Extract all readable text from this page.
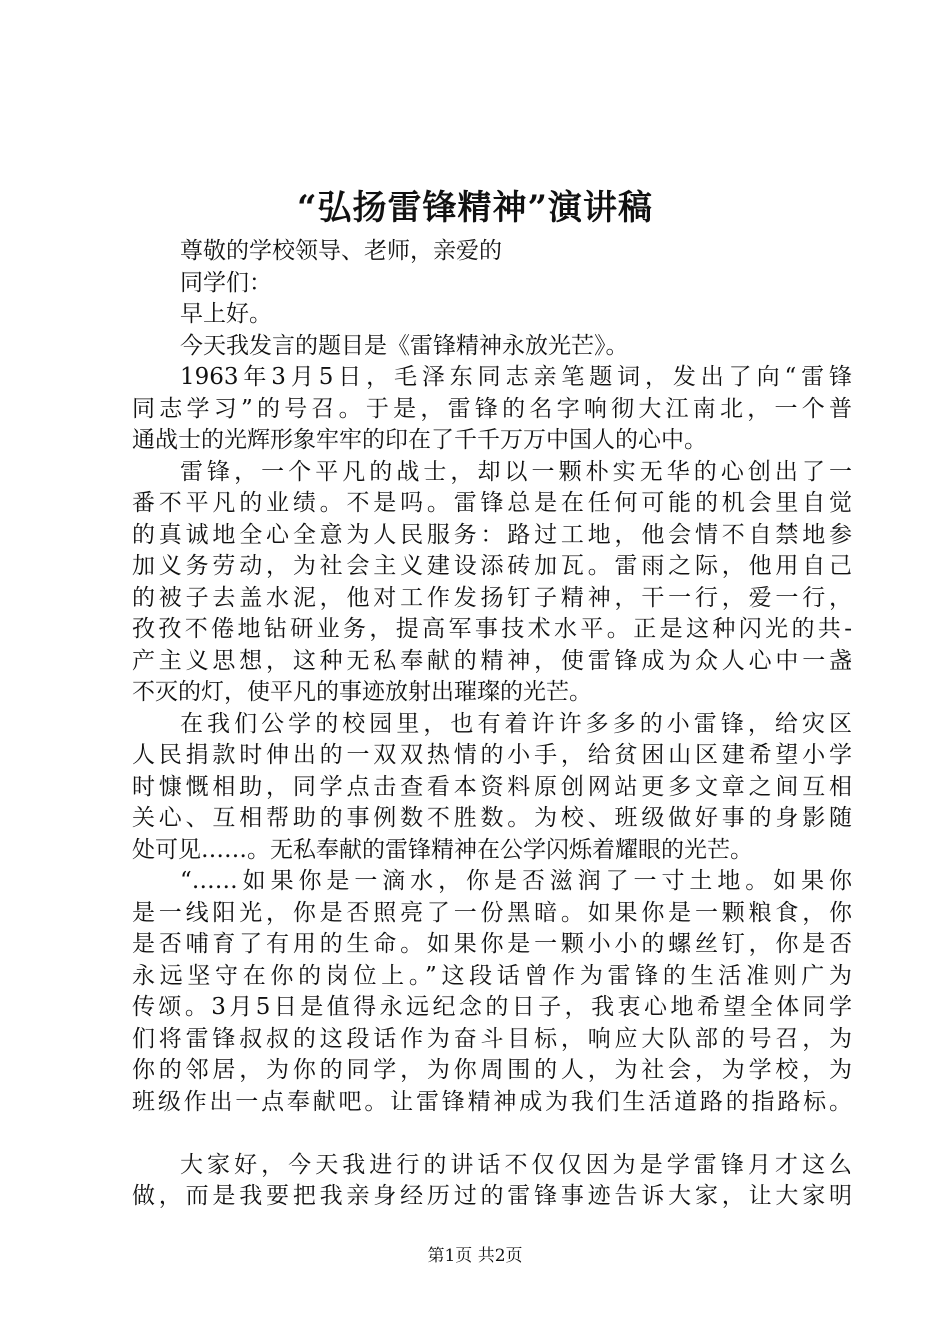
“弘扬雷锋精神”演讲稿
尊敬的学校领导、老师，亲爱的
同学们：
早上好。
今天我发言的题目是《雷锋精神永放光芒》。
1963年3月5日，毛泽东同志亲笔题词，发出了向“雷锋
同志学习”的号召。于是，雷锋的名字响彻大江南北，一个普
通战士的光辉形象牢牢的印在了千千万万中国人的心中。
雷锋，一个平凡的战士，却以一颗朴实无华的心创出了一
番不平凡的业绩。不是吗。雷锋总是在任何可能的机会里自觉
的真诚地全心全意为人民服务：路过工地，他会情不自禁地参
加义务劳动，为社会主义建设添砖加瓦。雷雨之际，他用自己
的被子去盖水泥，他对工作发扬钉子精神，干一行，爱一行，
孜孜不倦地钻研业务，提高军事技术水平。正是这种闪光的共-
产主义思想，这种无私奉献的精神，使雷锋成为众人心中一盏
不灭的灯，使平凡的事迹放射出璀璨的光芒。
在我们公学的校园里，也有着许许多多的小雷锋，给灾区
人民捐款时伸出的一双双热情的小手，给贫困山区建希望小学
时慷慨相助，同学点击查看本资料原创网站更多文章之间互相
关心、互相帮助的事例数不胜数。为校、班级做好事的身影随
处可见……。无私奉献的雷锋精神在公学闪烁着耀眼的光芒。
“……如果你是一滴水，你是否滋润了一寸土地。如果你
是一线阳光，你是否照亮了一份黑暗。如果你是一颗粮食，你
是否哺育了有用的生命。如果你是一颗小小的螺丝钉，你是否
永远坚守在你的岗位上。”这段话曾作为雷锋的生活准则广为
传颂。3月5日是值得永远纪念的日子，我衷心地希望全体同学
们将雷锋叔叔的这段话作为奋斗目标，响应大队部的号召，为
你的邻居，为你的同学，为你周围的人，为社会，为学校，为
班级作出一点奉献吧。让雷锋精神成为我们生活道路的指路标。
大家好，今天我进行的讲话不仅仅因为是学雷锋月才这么
做，而是我要把我亲身经历过的雷锋事迹告诉大家，让大家明
第1页 共2页
